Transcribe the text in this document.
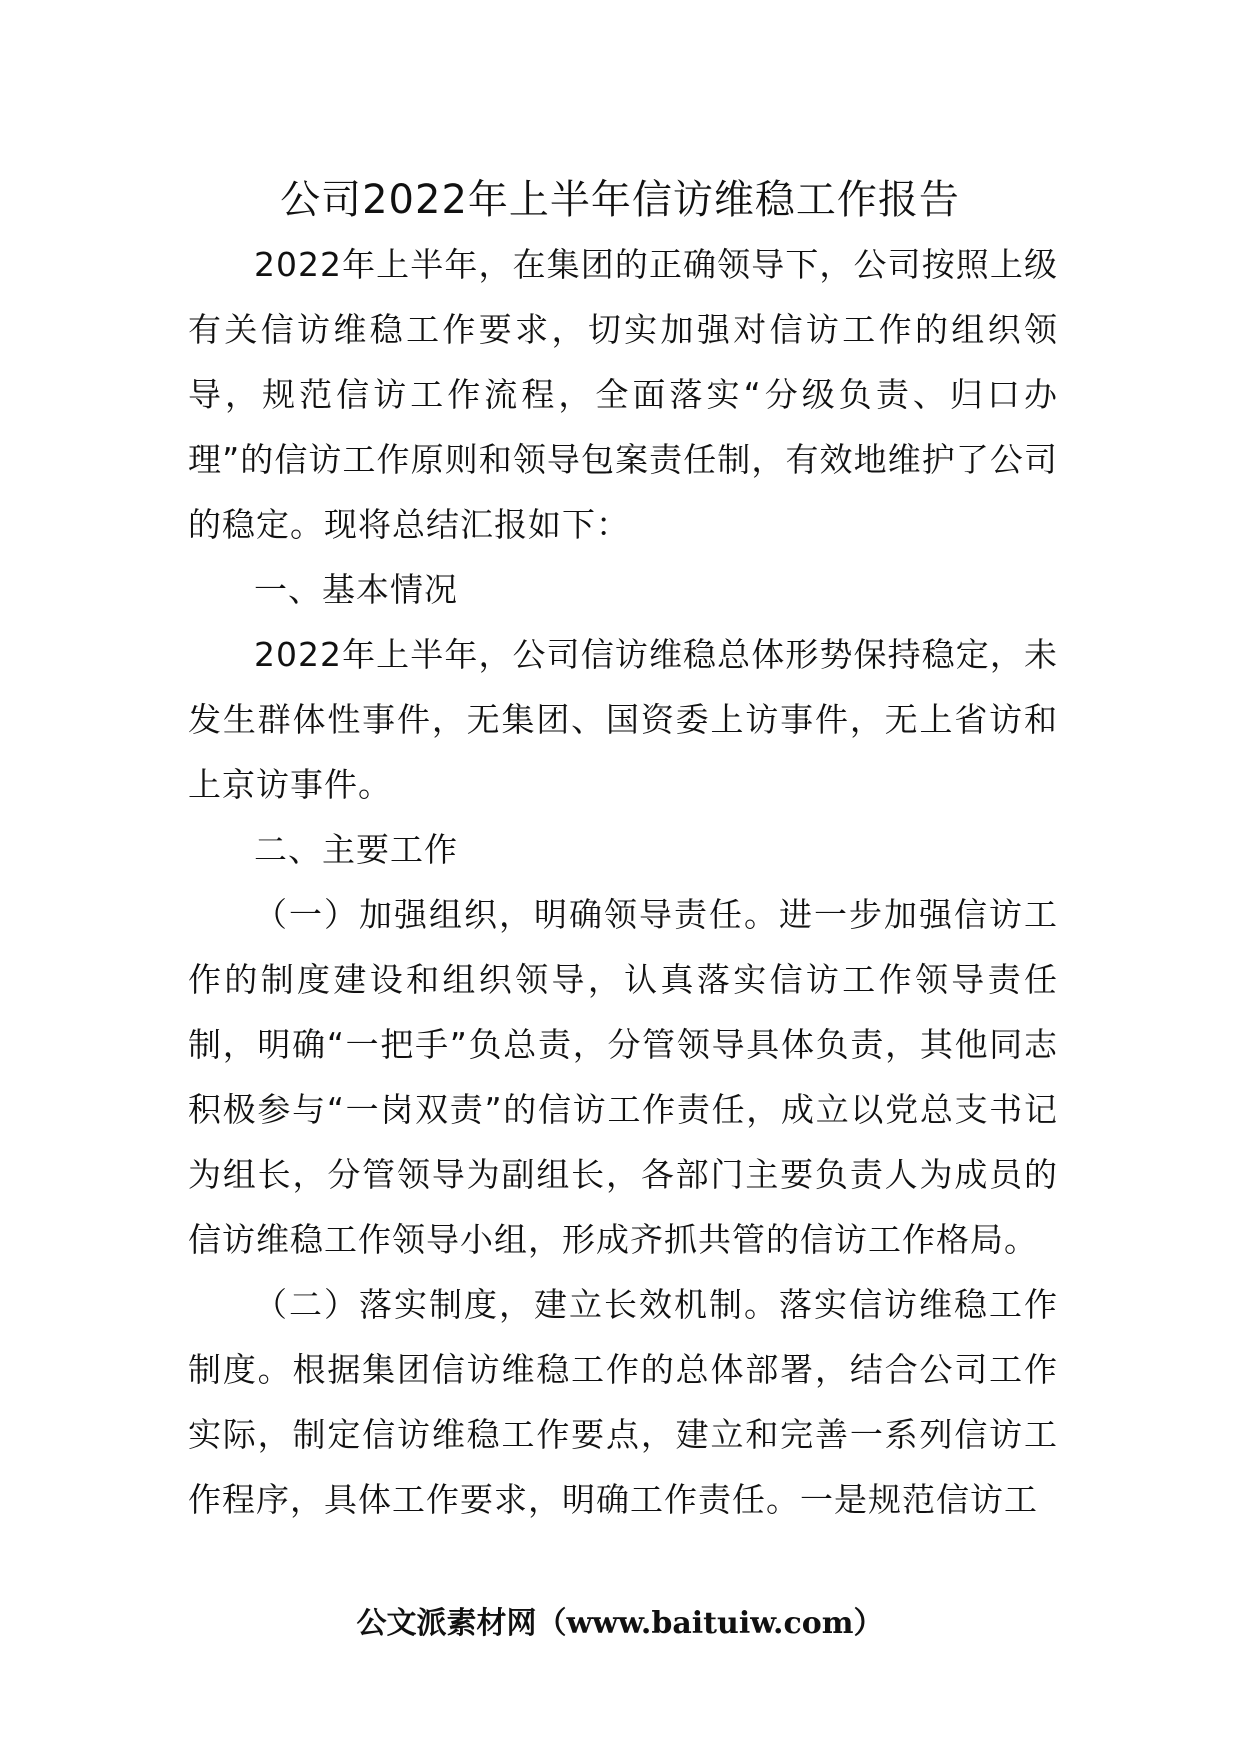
公司2022年上半年信访维稳工作报告

2022年上半年，在集团的正确领导下，公司按照上级有关信访维稳工作要求，切实加强对信访工作的组织领导，规范信访工作流程，全面落实“分级负责、归口办理”的信访工作原则和领导包案责任制，有效地维护了公司的稳定。现将总结汇报如下：

一、基本情况

2022年上半年，公司信访维稳总体形势保持稳定，未发生群体性事件，无集团、国资委上访事件，无上省访和上京访事件。

二、主要工作

（一）加强组织，明确领导责任。进一步加强信访工作的制度建设和组织领导，认真落实信访工作领导责任制，明确“一把手”负总责，分管领导具体负责，其他同志积极参与“一岗双责”的信访工作责任，成立以党总支书记为组长，分管领导为副组长，各部门主要负责人为成员的信访维稳工作领导小组，形成齐抓共管的信访工作格局。

（二）落实制度，建立长效机制。落实信访维稳工作制度。根据集团信访维稳工作的总体部署，结合公司工作实际，制定信访维稳工作要点，建立和完善一系列信访工作程序，具体工作要求，明确工作责任。一是规范信访工

公文派素材网（www.baituiw.com）
